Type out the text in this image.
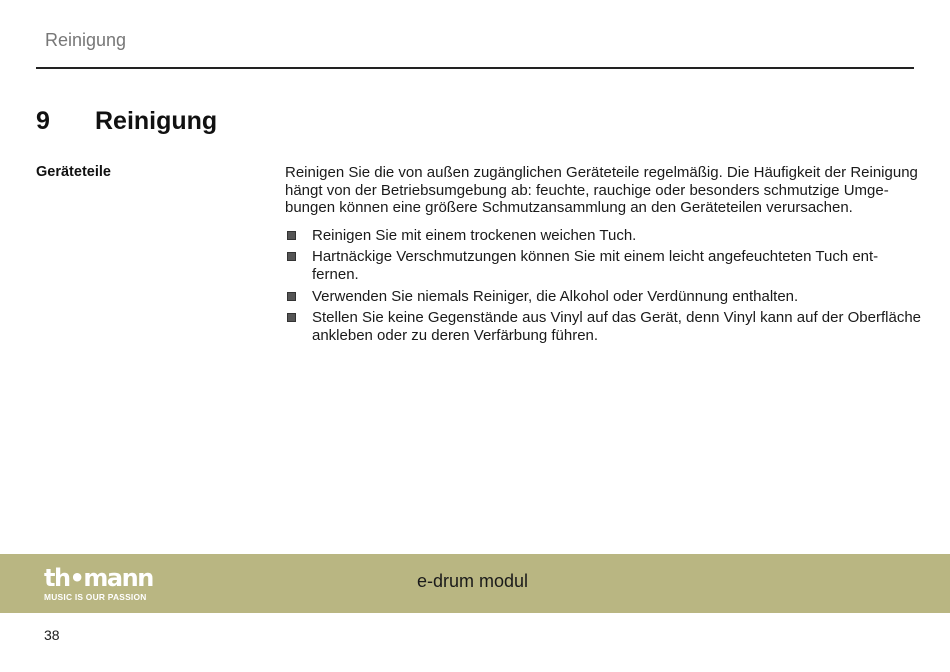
Reinigung
9 Reinigung
Geräteteile	Reinigen Sie die von außen zugänglichen Geräteteile regelmäßig. Die Häufigkeit der Reinigung
hängt von der Betriebsumgebung ab: feuchte, rauchige oder besonders schmutzige Umge-
bungen können eine größere Schmutzansammlung an den Geräteteilen verursachen.

Reinigen Sie mit einem trockenen weichen Tuch.
Hartnäckige Verschmutzungen können Sie mit einem leicht angefeuchteten Tuch ent-
fernen.
Verwenden Sie niemals Reiniger, die Alkohol oder Verdünnung enthalten.
Stellen Sie keine Gegenstände aus Vinyl auf das Gerät, denn Vinyl kann auf der Oberfläche
ankleben oder zu deren Verfärbung führen.
th•mann
MUSIC IS OUR PASSION
e-drum modul
38
